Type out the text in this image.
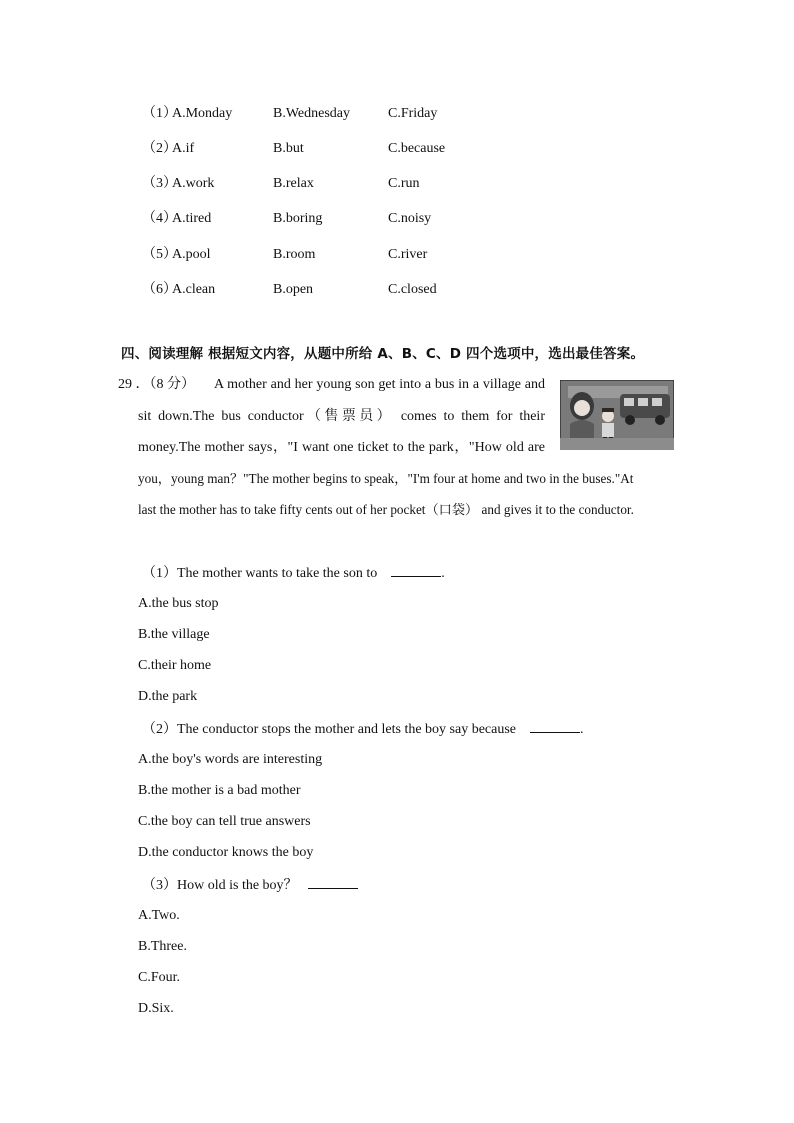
（1）
A.Monday	B.Wednesday	C.Friday
（2）
A.if	B.but	C.because
（3）
A.work	B.relax	C.run
（4）
A.tired	B.boring	C.noisy
（5）
A.pool	B.room	C.river
（6）
A.clean	B.open	C.closed
四、阅读理解 根据短文内容，从题中所给 A、B、C、D 四个选项中，选出最佳答案。
29 ．（8 分） A mother and her young son get into a bus in a village and
sit down.The bus conductor（售票员） comes to them for their
money.The mother says，"I want one ticket to the park，"How old are
you，young man？"The mother begins to speak，"I'm four at home and two in the buses."At
last the mother has to take fifty cents out of her pocket（口袋） and gives it to the conductor.
（1）The mother wants to take the son to	.
A.the bus stop
B.the village
C.their home
D.the park
（2）The conductor stops the mother and lets the boy say because	.
A.the boy's words are interesting
B.the mother is a bad mother
C.the boy can tell true answers
D.the conductor knows the boy
（3）How old is the boy？
A.Two.
B.Three.
C.Four.
D.Six.
